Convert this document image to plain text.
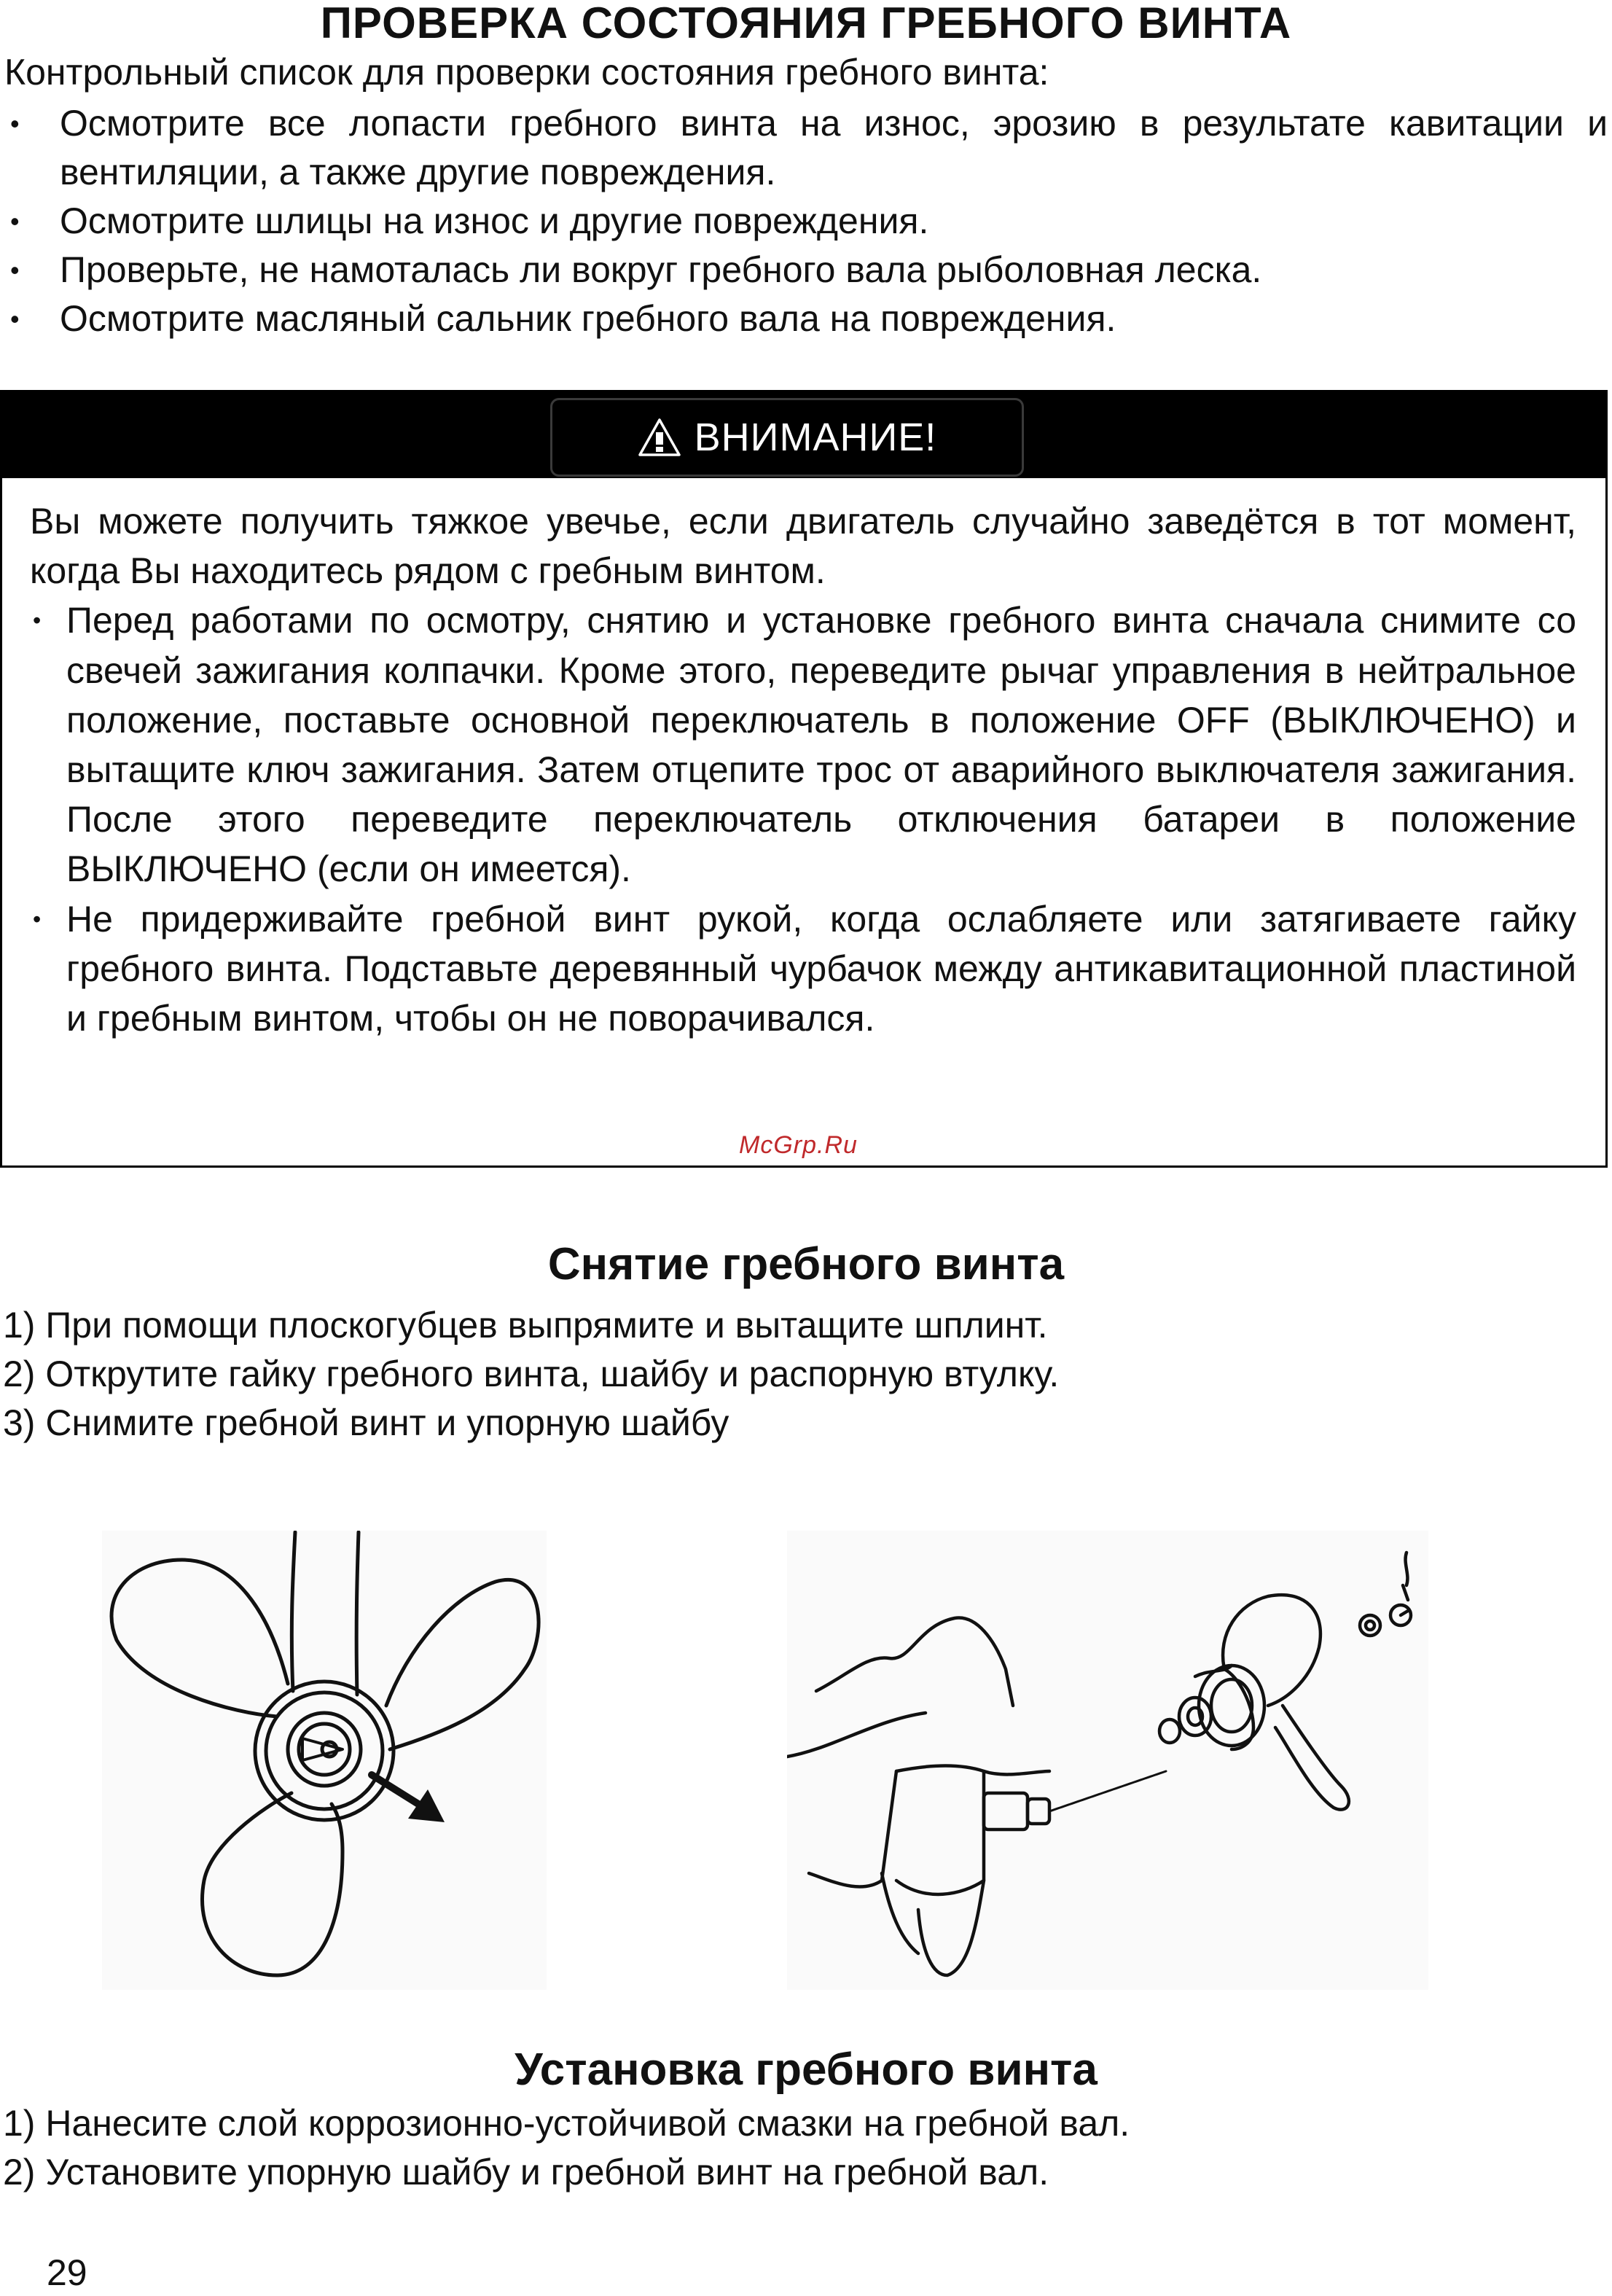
ПРОВЕРКА СОСТОЯНИЯ ГРЕБНОГО ВИНТА
Контрольный список для проверки состояния гребного винта:
• Осмотрите все лопасти гребного винта на износ, эрозию в результате кавитации и вентиляции, а также другие повреждения.
• Осмотрите шлицы на износ и другие повреждения.
• Проверьте, не намоталась ли вокруг гребного вала рыболовная леска.
• Осмотрите масляный сальник гребного вала на повреждения.
ВНИМАНИЕ!

Вы можете получить тяжкое увечье, если двигатель случайно заведётся в тот момент, когда Вы находитесь рядом с гребным винтом.

• Перед работами по осмотру, снятию и установке гребного винта сначала снимите со свечей зажигания колпачки. Кроме этого, переведите рычаг управления в нейтральное положение, поставьте основной переключатель в положение OFF (ВЫКЛЮЧЕНО) и вытащите ключ зажигания. Затем отцепите трос от аварийного выключателя зажигания. После этого переведите переключатель отключения батареи в положение ВЫКЛЮЧЕНО (если он имеется).
• Не придерживайте гребной винт рукой, когда ослабляете или затягиваете гайку гребного винта. Подставьте деревянный чурбачок между антикавитационной пластиной и гребным винтом, чтобы он не поворачивался.
McGrp.Ru
Снятие гребного винта
1) При помощи плоскогубцев выпрямите и вытащите шплинт.
2) Открутите гайку гребного винта, шайбу и распорную втулку.
3) Снимите гребной винт и упорную шайбу
Установка гребного винта
1) Нанесите слой коррозионно-устойчивой смазки на гребной вал.
2) Установите упорную шайбу и гребной винт на гребной вал.
29
